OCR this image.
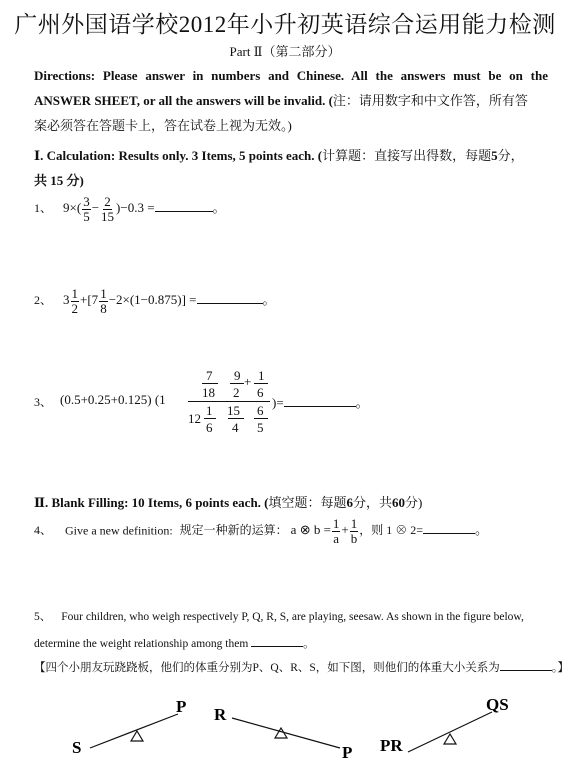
广州外国语学校2012年小升初英语综合运用能力检测
Part Ⅱ（第二部分）
Directions: Please answer in numbers and Chinese. All the answers must be on the
ANSWER SHEET, or all the answers will be invalid. (注：请用数字和中文作答，所有答
案必须答在答题卡上，答在试卷上视为无效。)
Ⅰ. Calculation: Results only. 3 Items, 5 points each. (计算题：直接写出得数，每题5分，
共 15 分)
1、 $9\times( \frac{3}{5} - \frac{2}{15} )-0.3$ =	。
2、 $3 \frac{1}{2} +[7 \frac{1}{8} -2\times(1-0.875)]$ =	。
3、 (0.5+0.25+0.125) (1
7 9 + 1
18 2 6
12
1 15 6
6 4 5
)=	。
Ⅱ. Blank Filling: 10 Items, 6 points each. (填空题：每题6分，共60分)
4、 Give a new definition: 规定一种新的运算： a ⊗ $b = \frac{1}{a} + \frac{1}{b}$ ，则 1 ⊗ 2=	。
5、 Four children, who weigh respectively P, Q, R, S, are playing, seesaw. As shown in the figure below,
determine the weight relationship among them	。
【四个小朋友玩跷跷板，他们的体重分别为P、Q、R、S，如下图，则他们的体重大小关系为	。】
P
S
R
P
QS
PR
